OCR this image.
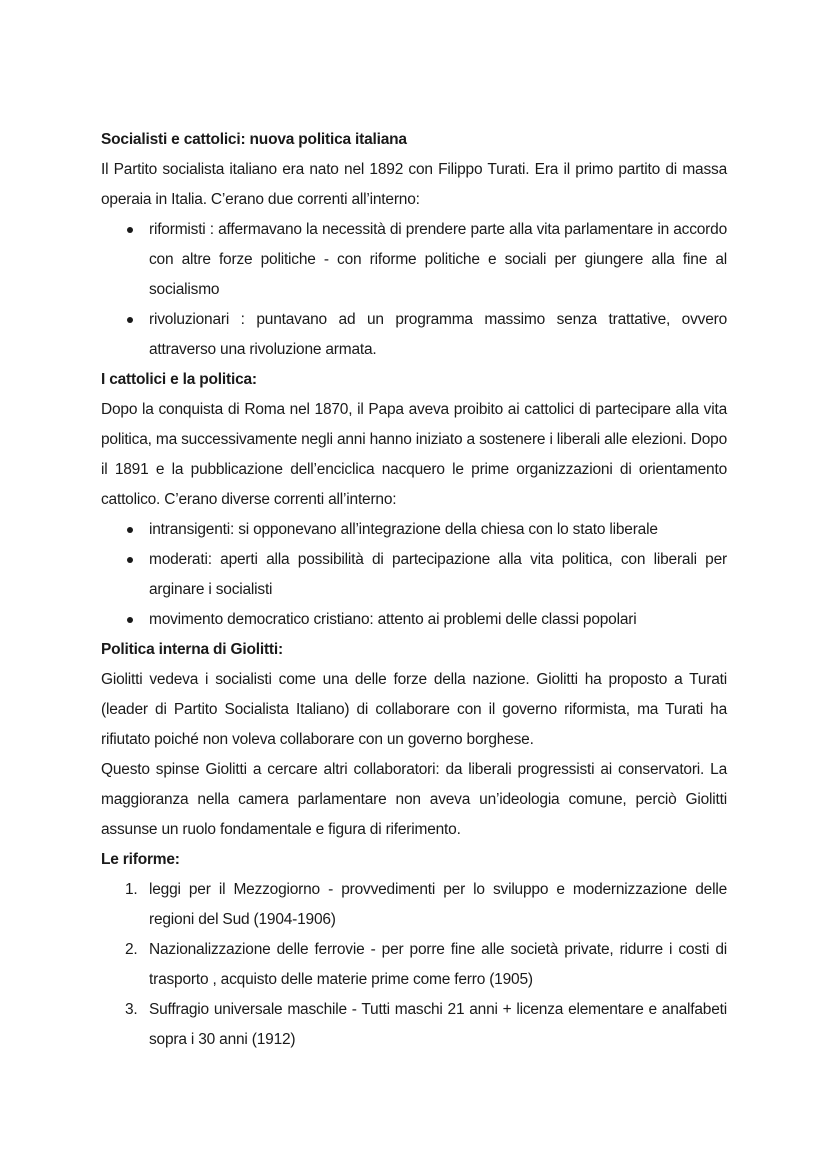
Socialisti e cattolici: nuova politica italiana

Il Partito socialista italiano era nato nel 1892 con Filippo Turati. Era il primo partito di massa operaia in Italia. C’erano due correnti all’interno:

riformisti : affermavano la necessità di prendere parte alla vita parlamentare in accordo con altre forze politiche - con riforme politiche e sociali per giungere alla fine al socialismo
rivoluzionari : puntavano ad un programma massimo senza trattative, ovvero attraverso una rivoluzione armata.

I cattolici e la politica:

Dopo la conquista di Roma nel 1870, il Papa aveva proibito ai cattolici di partecipare alla vita politica, ma successivamente negli anni hanno iniziato a sostenere i liberali alle elezioni. Dopo il 1891 e la pubblicazione dell’enciclica nacquero le prime organizzazioni di orientamento cattolico. C’erano diverse correnti all’interno:

intransigenti: si opponevano all’integrazione della chiesa con lo stato liberale
moderati: aperti alla possibilità di partecipazione alla vita politica, con liberali per arginare i socialisti
movimento democratico cristiano: attento ai problemi delle classi popolari

Politica interna di Giolitti:

Giolitti vedeva i socialisti come una delle forze della nazione. Giolitti ha proposto a Turati (leader di Partito Socialista Italiano) di collaborare con il governo riformista, ma Turati ha rifiutato poiché non voleva collaborare con un governo borghese.

Questo spinse Giolitti a cercare altri collaboratori: da liberali progressisti ai conservatori. La maggioranza nella camera parlamentare non aveva un’ideologia comune, perciò Giolitti assunse un ruolo fondamentale e figura di riferimento.

Le riforme:

1. leggi per il Mezzogiorno - provvedimenti per lo sviluppo e modernizzazione delle regioni del Sud (1904-1906)
2. Nazionalizzazione delle ferrovie - per porre fine alle società private, ridurre i costi di trasporto , acquisto delle materie prime come ferro (1905)
3. Suffragio universale maschile - Tutti maschi 21 anni + licenza elementare e analfabeti sopra i 30 anni (1912)
